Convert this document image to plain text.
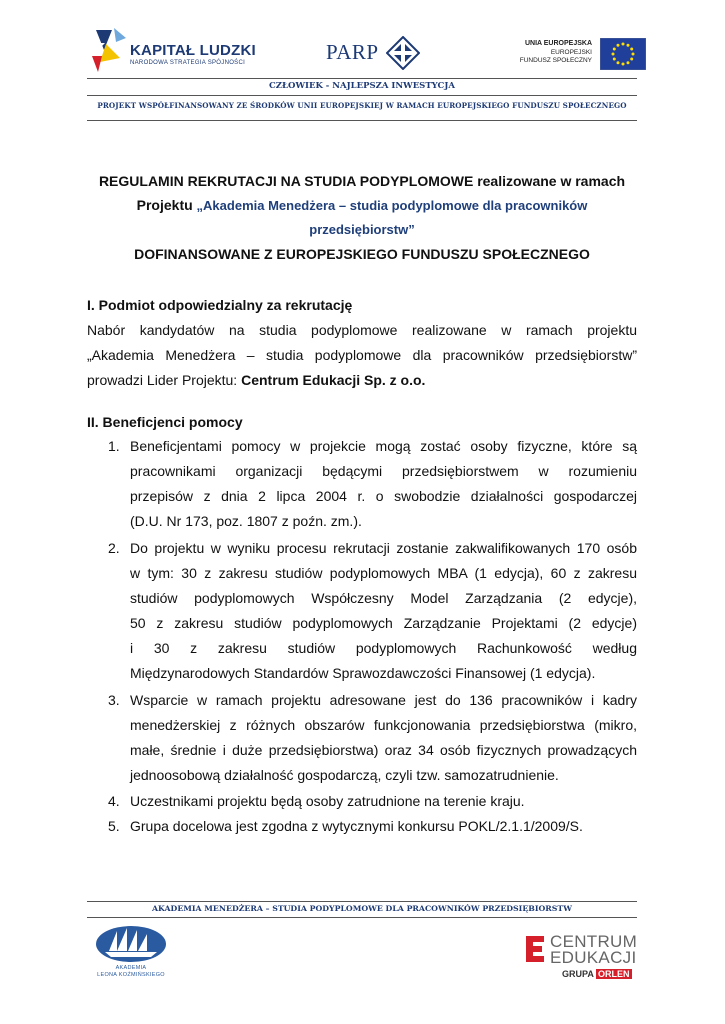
KAPITAŁ LUDZKI
NARODOWA STRATEGIA SPÓJNOŚCI	PARP	UNIA EUROPEJSKA
EUROPEJSKI
FUNDUSZ SPOŁECZNY
CZŁOWIEK - NAJLEPSZA INWESTYCJA
PROJEKT WSPÓŁFINANSOWANY ZE ŚRODKÓW UNII EUROPEJSKIEJ W RAMACH EUROPEJSKIEGO FUNDUSZU SPOŁECZNEGO
REGULAMIN REKRUTACJI NA STUDIA PODYPLOMOWE realizowane w ramach
Projektu „Akademia Menedżera – studia podyplomowe dla pracowników
przedsiębiorstw”
DOFINANSOWANE Z EUROPEJSKIEGO FUNDUSZU SPOŁECZNEGO
I. Podmiot odpowiedzialny za rekrutację
Nabór kandydatów na studia podyplomowe realizowane w ramach projektu
„Akademia Menedżera – studia podyplomowe dla pracowników przedsiębiorstw”
prowadzi Lider Projektu: Centrum Edukacji Sp. z o.o.
II. Beneficjenci pomocy
1. Beneficjentami pomocy w projekcie mogą zostać osoby fizyczne, które są
pracownikami organizacji będącymi przedsiębiorstwem w rozumieniu
przepisów z dnia 2 lipca 2004 r. o swobodzie działalności gospodarczej
(D.U. Nr 173, poz. 1807 z poźn. zm.).
2. Do projektu w wyniku procesu rekrutacji zostanie zakwalifikowanych 170 osób
w tym: 30 z zakresu studiów podyplomowych MBA (1 edycja), 60 z zakresu
studiów podyplomowych Współczesny Model Zarządzania (2 edycje),
50 z zakresu studiów podyplomowych Zarządzanie Projektami (2 edycje)
i 30 z zakresu studiów podyplomowych Rachunkowość według
Międzynarodowych Standardów Sprawozdawczości Finansowej (1 edycja).
3. Wsparcie w ramach projektu adresowane jest do 136 pracowników i kadry
menedżerskiej z różnych obszarów funkcjonowania przedsiębiorstwa (mikro,
małe, średnie i duże przedsiębiorstwa) oraz 34 osób fizycznych prowadzących
jednoosobową działalność gospodarczą, czyli tzw. samozatrudnienie.
4. Uczestnikami projektu będą osoby zatrudnione na terenie kraju.
5. Grupa docelowa jest zgodna z wytycznymi konkursu POKL/2.1.1/2009/S.
AKADEMIA MENEDŻERA – STUDIA PODYPLOMOWE DLA PRACOWNIKÓW PRZEDSIĘBIORSTW
AKADEMIA
LEONA KOŹMIŃSKIEGO
CENTRUM
EDUKACJI
GRUPA ORLEN
